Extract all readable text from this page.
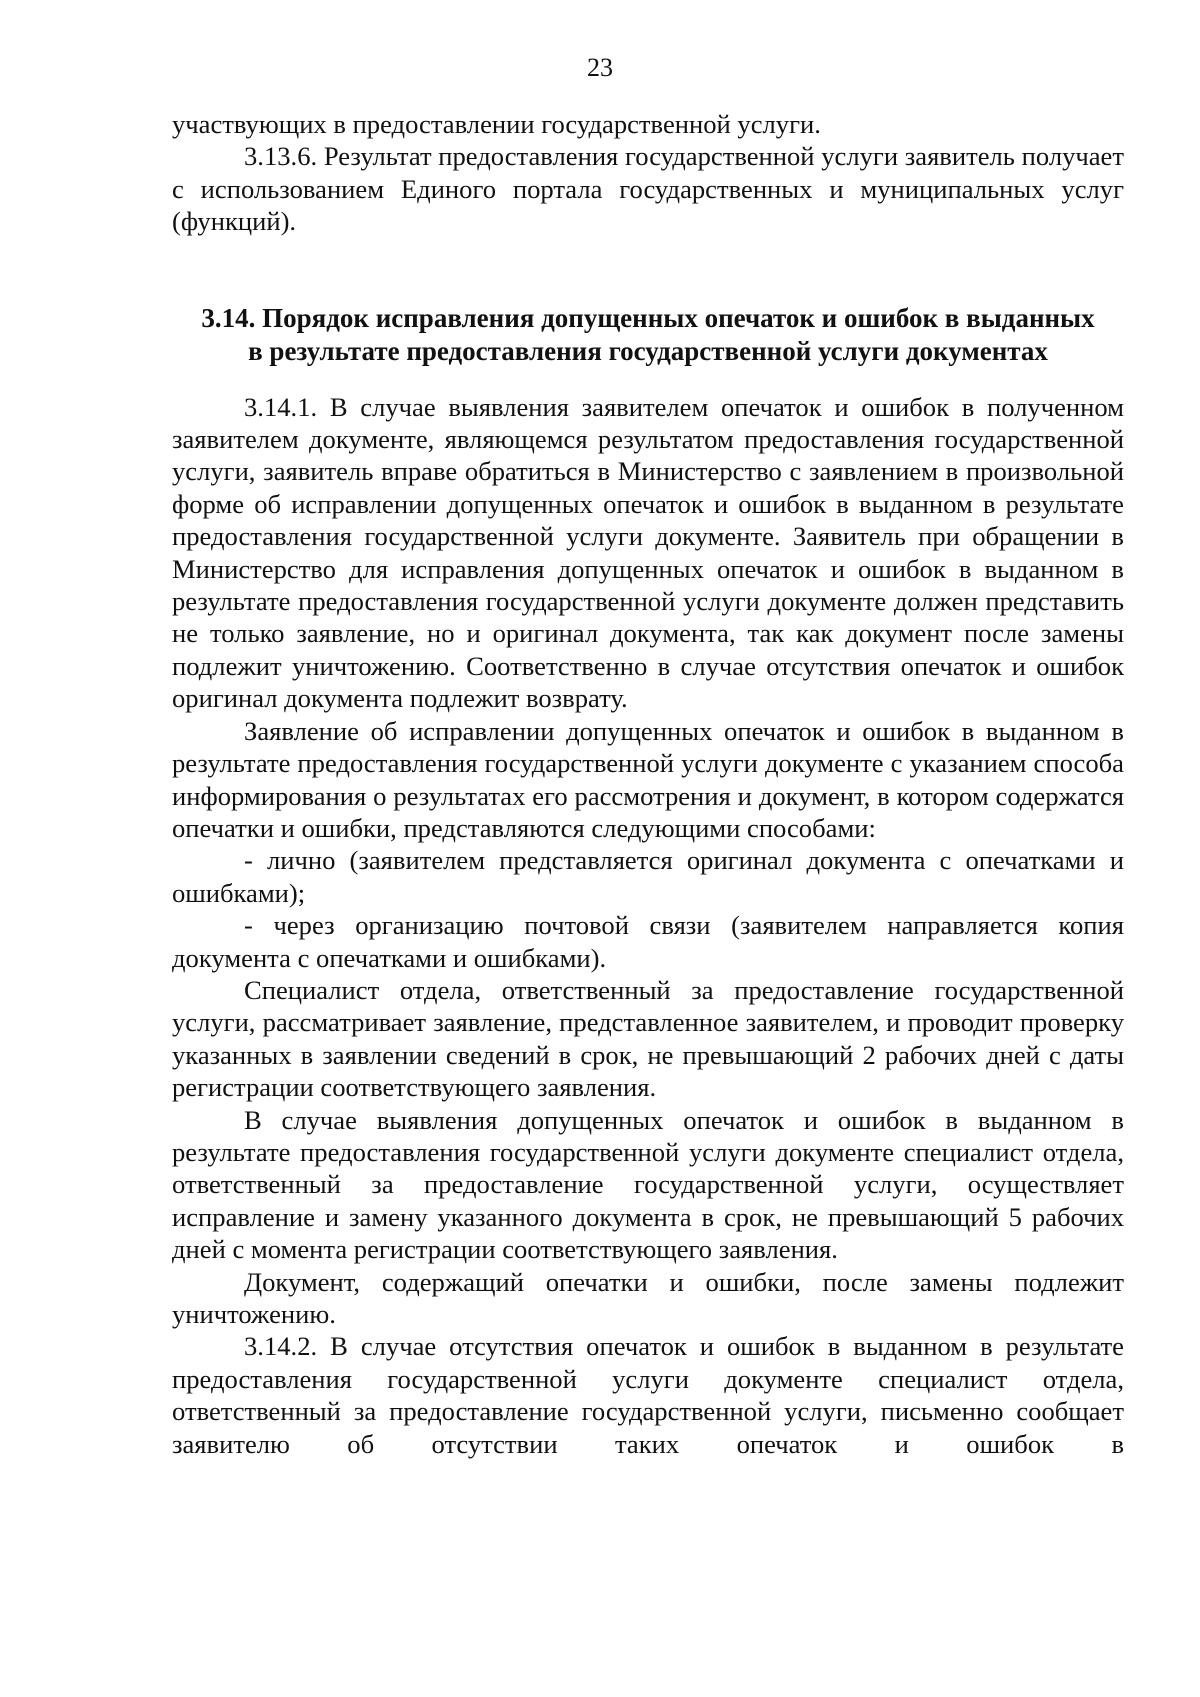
23

участвующих в предоставлении государственной услуги.

3.13.6. Результат предоставления государственной услуги заявитель получает с использованием Единого портала государственных и муниципальных услуг (функций).

3.14. Порядок исправления допущенных опечаток и ошибок в выданных
в результате предоставления государственной услуги документах

3.14.1. В случае выявления заявителем опечаток и ошибок в полученном заявителем документе, являющемся результатом предоставления государственной услуги, заявитель вправе обратиться в Министерство с заявлением в произвольной форме об исправлении допущенных опечаток и ошибок в выданном в результате предоставления государственной услуги документе. Заявитель при обращении в Министерство для исправления допущенных опечаток и ошибок в выданном в результате предоставления государственной услуги документе должен представить не только заявление, но и оригинал документа, так как документ после замены подлежит уничтожению. Соответственно в случае отсутствия опечаток и ошибок оригинал документа подлежит возврату.

Заявление об исправлении допущенных опечаток и ошибок в выданном в результате предоставления государственной услуги документе с указанием способа информирования о результатах его рассмотрения и документ, в котором содержатся опечатки и ошибки, представляются следующими способами:

- лично (заявителем представляется оригинал документа с опечатками и ошибками);

- через организацию почтовой связи (заявителем направляется копия документа с опечатками и ошибками).

Специалист отдела, ответственный за предоставление государственной услуги, рассматривает заявление, представленное заявителем, и проводит проверку указанных в заявлении сведений в срок, не превышающий 2 рабочих дней с даты регистрации соответствующего заявления.

В случае выявления допущенных опечаток и ошибок в выданном в результате предоставления государственной услуги документе специалист отдела, ответственный за предоставление государственной услуги, осуществляет исправление и замену указанного документа в срок, не превышающий 5 рабочих дней с момента регистрации соответствующего заявления.

Документ, содержащий опечатки и ошибки, после замены подлежит уничтожению.

3.14.2. В случае отсутствия опечаток и ошибок в выданном в результате предоставления государственной услуги документе специалист отдела, ответственный за предоставление государственной услуги, письменно сообщает заявителю об отсутствии таких опечаток и ошибок в
